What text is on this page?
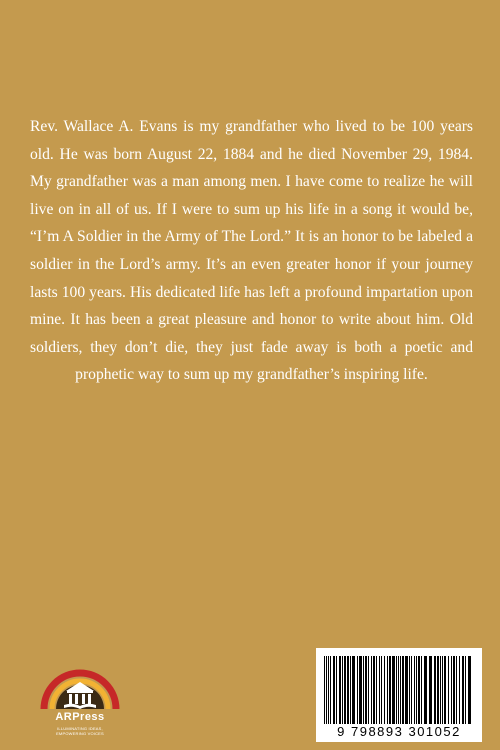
Rev. Wallace A. Evans is my grandfather who lived to be 100 years old. He was born August 22, 1884 and he died November 29, 1984. My grandfather was a man among men. I have come to realize he will live on in all of us. If I were to sum up his life in a song it would be, “I’m A Soldier in the Army of The Lord.” It is an honor to be labeled a soldier in the Lord’s army. It’s an even greater honor if your journey lasts 100 years. His dedicated life has left a profound impartation upon mine. It has been a great pleasure and honor to write about him. Old soldiers, they don’t die, they just fade away is both a poetic and prophetic way to sum up my grandfather’s inspiring life.

ARPress
ILLUMINATING IDEAS,
EMPOWERING VOICES	9 798893 301052
